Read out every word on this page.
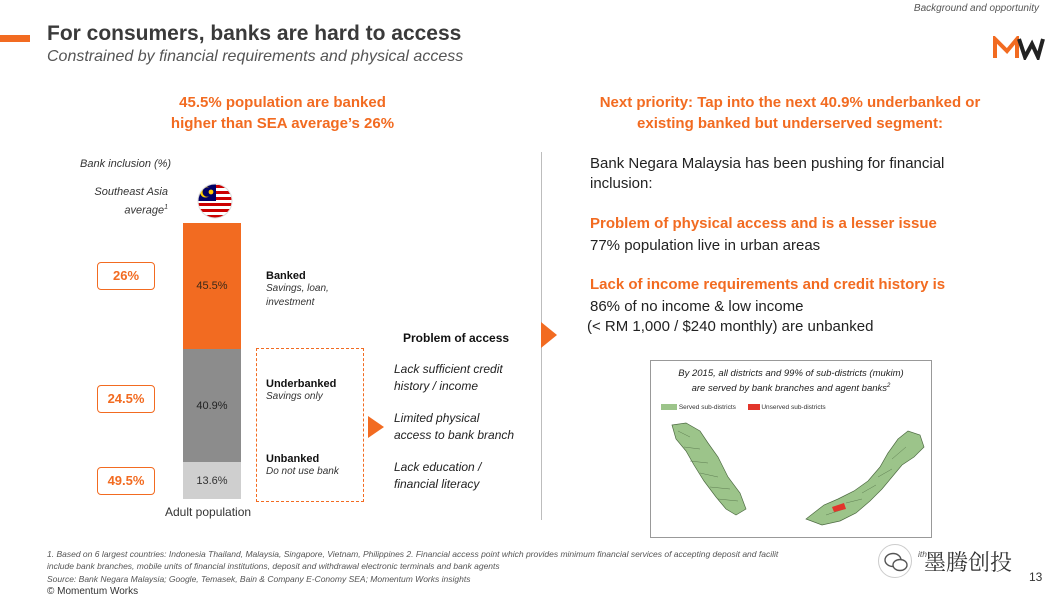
For consumers, banks are hard to access
Constrained by financial requirements and physical access
Background and opportunity
45.5% population are banked
higher than SEA average’s 26%
Bank inclusion (%)
Southeast Asia
average$^1$
26%
24.5%
49.5%
45.5%
40.9%
13.6%
Adult population
Banked
Savings, loan,
investment
Underbanked
Savings only
Unbanked
Do not use bank
Problem of access
Lack sufficient credit
history / income
Limited physical
access to bank branch
Lack education /
financial literacy
Next priority: Tap into the next 40.9% underbanked or
existing banked but underserved segment:
Bank Negara Malaysia has been pushing for financial
inclusion:
Problem of physical access and is a lesser issue
77% population live in urban areas
Lack of income requirements and credit history is
86% of no income & low income
(< RM 1,000 / $240 monthly) are unbanked
By 2015, all districts and 99% of sub-districts (mukim)
are served by bank branches and agent banks$^2$
Served sub-districts	Unserved sub-districts
1. Based on 6 largest countries: Indonesia Thailand, Malaysia, Singapore, Vietnam, Philippines 2. Financial access point which provides minimum financial services of accepting deposit and facilit
include bank branches, mobile units of financial institutions, deposit and withdrawal electronic terminals and bank agents
Source: Bank Negara Malaysia; Google, Temasek, Bain & Company E-Conomy SEA; Momentum Works insights
© Momentum Works
ith
墨腾创投
13
